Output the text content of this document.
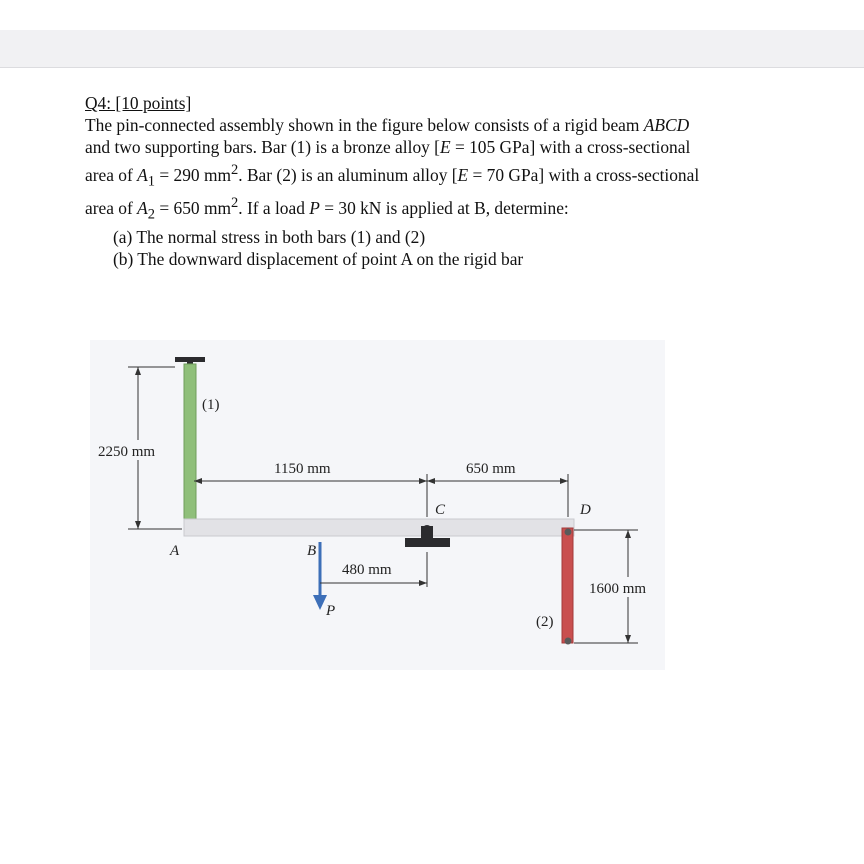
Q4: [10 points]

The pin-connected assembly shown in the figure below consists of a rigid beam ABCD

and two supporting bars. Bar (1) is a bronze alloy [E = 105 GPa] with a cross-sectional

area of $A_1 = 290$ $mm^2$. Bar (2) is an aluminum alloy [E = 70 GPa] with a cross-sectional

area of $A_2 = 650$ $mm^2$. If a load P = 30 kN is applied at B, determine:

(a) The normal stress in both bars (1) and (2)

(b) The downward displacement of point A on the rigid bar

2250 mm
1150 mm	650 mm
(1)
C	D
A	B
P
480 mm
1600 mm
(2)
